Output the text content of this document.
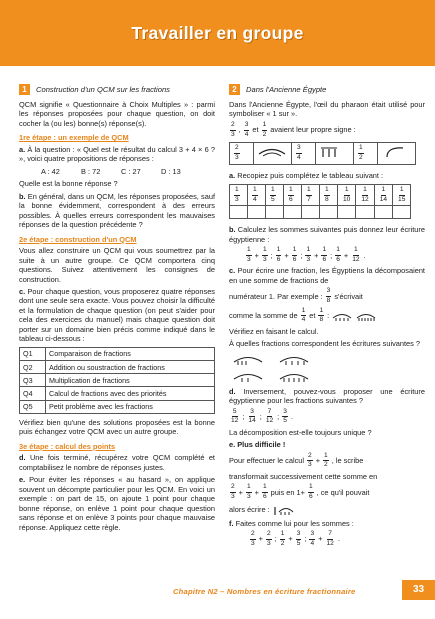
Travailler en groupe
1	Construction d'un QCM sur les fractions

QCM signifie « Questionnaire à Choix Multiples » : parmi les réponses proposées pour chaque question, on doit cocher la (ou les) bonne(s) réponse(s).

1re étape : un exemple de QCM

a. À la question : « Quel est le résultat du calcul 3 + 4 × 6 ? », voici quatre propositions de réponses :

A : 42	B : 72	C : 27	D : 13

Quelle est la bonne réponse ?

b. En général, dans un QCM, les réponses proposées, sauf la bonne évidemment, correspondent à des erreurs possibles. À quelles erreurs correspondent les mauvaises réponses de la question précédente ?

2e étape : construction d'un QCM

Vous allez construire un QCM qui vous soumettrez par la suite à un autre groupe. Ce QCM comportera cinq questions. Suivez attentivement les consignes de construction.

c. Pour chaque question, vous proposerez quatre réponses dont une seule sera exacte. Vous pouvez choisir la difficulté et la formulation de chaque question (on peut s'aider pour cela des exercices du manuel) mais chaque question doit porter sur un domaine bien précis comme indiqué dans le tableau ci-dessous :

Q1	Comparaison de fractions
Q2	Addition ou soustraction de fractions
Q3	Multiplication de fractions
Q4	Calcul de fractions avec des priorités
Q5	Petit problème avec les fractions

Vérifiez bien qu'une des solutions proposées est la bonne puis échangez votre QCM avec un autre groupe.

3e étape : calcul des points

d. Une fois terminé, récupérez votre QCM complété et comptabilisez le nombre de réponses justes.

e. Pour éviter les réponses « au hasard », on applique souvent un décompte particulier pour les QCM. En voici un exemple : on part de 15, on ajoute 1 point pour chaque bonne réponse, on enlève 1 point pour chaque question sans réponse et on enlève 3 points pour chaque mauvaise réponse. Appliquez cette règle.

2	Dans l'Ancienne Égypte

Dans l'Ancienne Égypte, l'œil du pharaon était utilisé pour symboliser « 1 sur ».

$\frac{2}{3}$ , $\frac{3}{4}$ et $\frac{1}{2}$ avaient leur propre signe :
$\frac{2}{3}$		$\frac{3}{4}$		$\frac{1}{2}$

a. Recopiez puis complétez le tableau suivant :

$\frac{1}{3}$	$\frac{1}{4}$	$\frac{1}{5}$	$\frac{1}{6}$	$\frac{1}{7}$	$\frac{1}{8}$	$\frac{1}{10}$	$\frac{1}{12}$	$\frac{1}{14}$	$\frac{1}{15}$

b. Calculez les sommes suivantes puis donnez leur écriture égyptienne :

$\frac{1}{3} + \frac{1}{3}$ ; $\frac{1}{6} + \frac{1}{6}$ ; $\frac{1}{3} + \frac{1}{6}$ ; $\frac{1}{6} + \frac{1}{12}$ .

c. Pour écrire une fraction, les Égyptiens la décomposaient en une somme de fractions de

numérateur 1. Par exemple : $\frac{3}{8}$ s'écrivait
comme la somme de $\frac{1}{4}$ et $\frac{1}{8}$ :

Vérifiez en faisant le calcul.

À quelles fractions correspondent les écritures suivantes ?

d. Inversement, pouvez-vous proposer une écriture égyptienne pour les fractions suivantes ?

$\frac{5}{12}$ ; $\frac{3}{14}$ ; $\frac{7}{12}$ ; $\frac{3}{5}$ .

La décomposition est-elle toujours unique ?

e. Plus difficile !

Pour effectuer le calcul $\frac{2}{3} + \frac{1}{2}$ , le scribe

transformait successivement cette somme en

$\frac{2}{3} + \frac{1}{3} + \frac{1}{6}$ puis en $1+ \frac{1}{6}$ , ce qu'il pouvait
alors écrire :

f. Faites comme lui pour les sommes :

$\frac{2}{3} + \frac{2}{3}$ ; $\frac{1}{2} + \frac{3}{5}$ ; $\frac{3}{4} + \frac{7}{12}$ .
Chapitre N2 – Nombres en écriture fractionnaire	33
